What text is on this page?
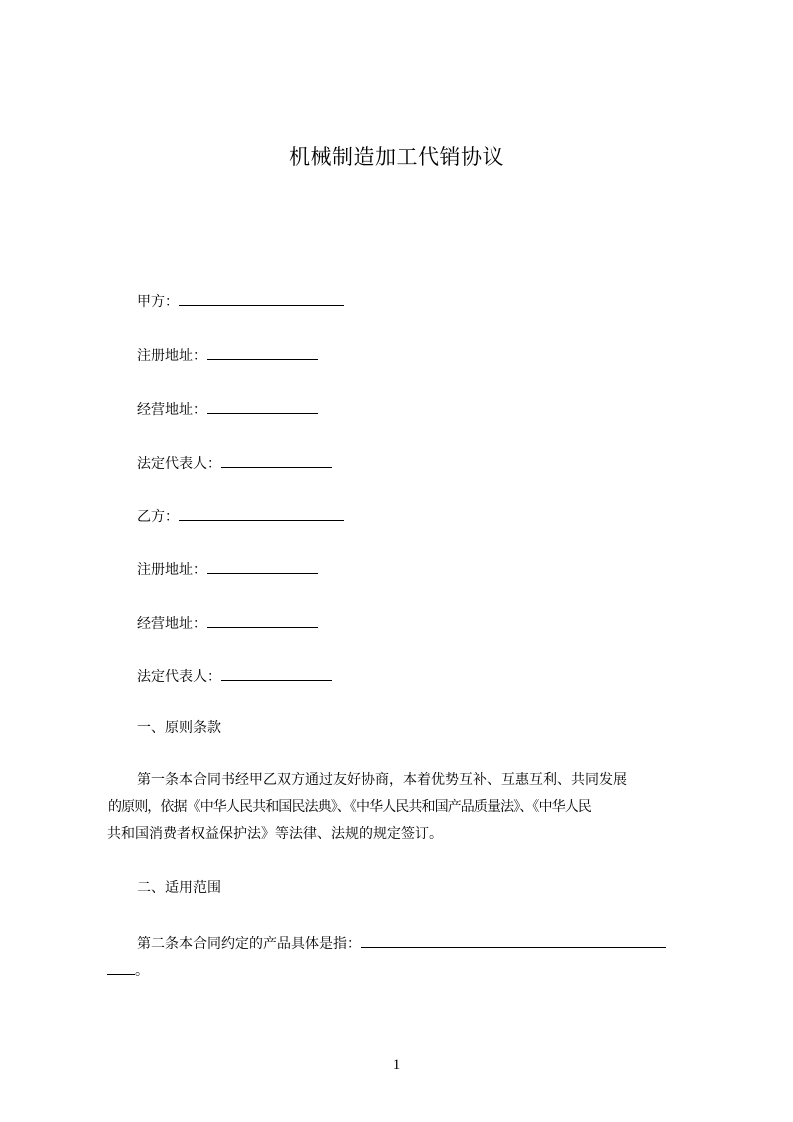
机械制造加工代销协议
甲方：
注册地址：
经营地址：
法定代表人：
乙方：
注册地址：
经营地址：
法定代表人：
一、原则条款
第一条本合同书经甲乙双方通过友好协商，本着优势互补、互惠互利、共同发展
的原则，依据《中华人民共和国民法典》、《中华人民共和国产品质量法》、《中华人民
共和国消费者权益保护法》等法律、法规的规定签订。
二、适用范围
第二条本合同约定的产品具体是指：
。
1
